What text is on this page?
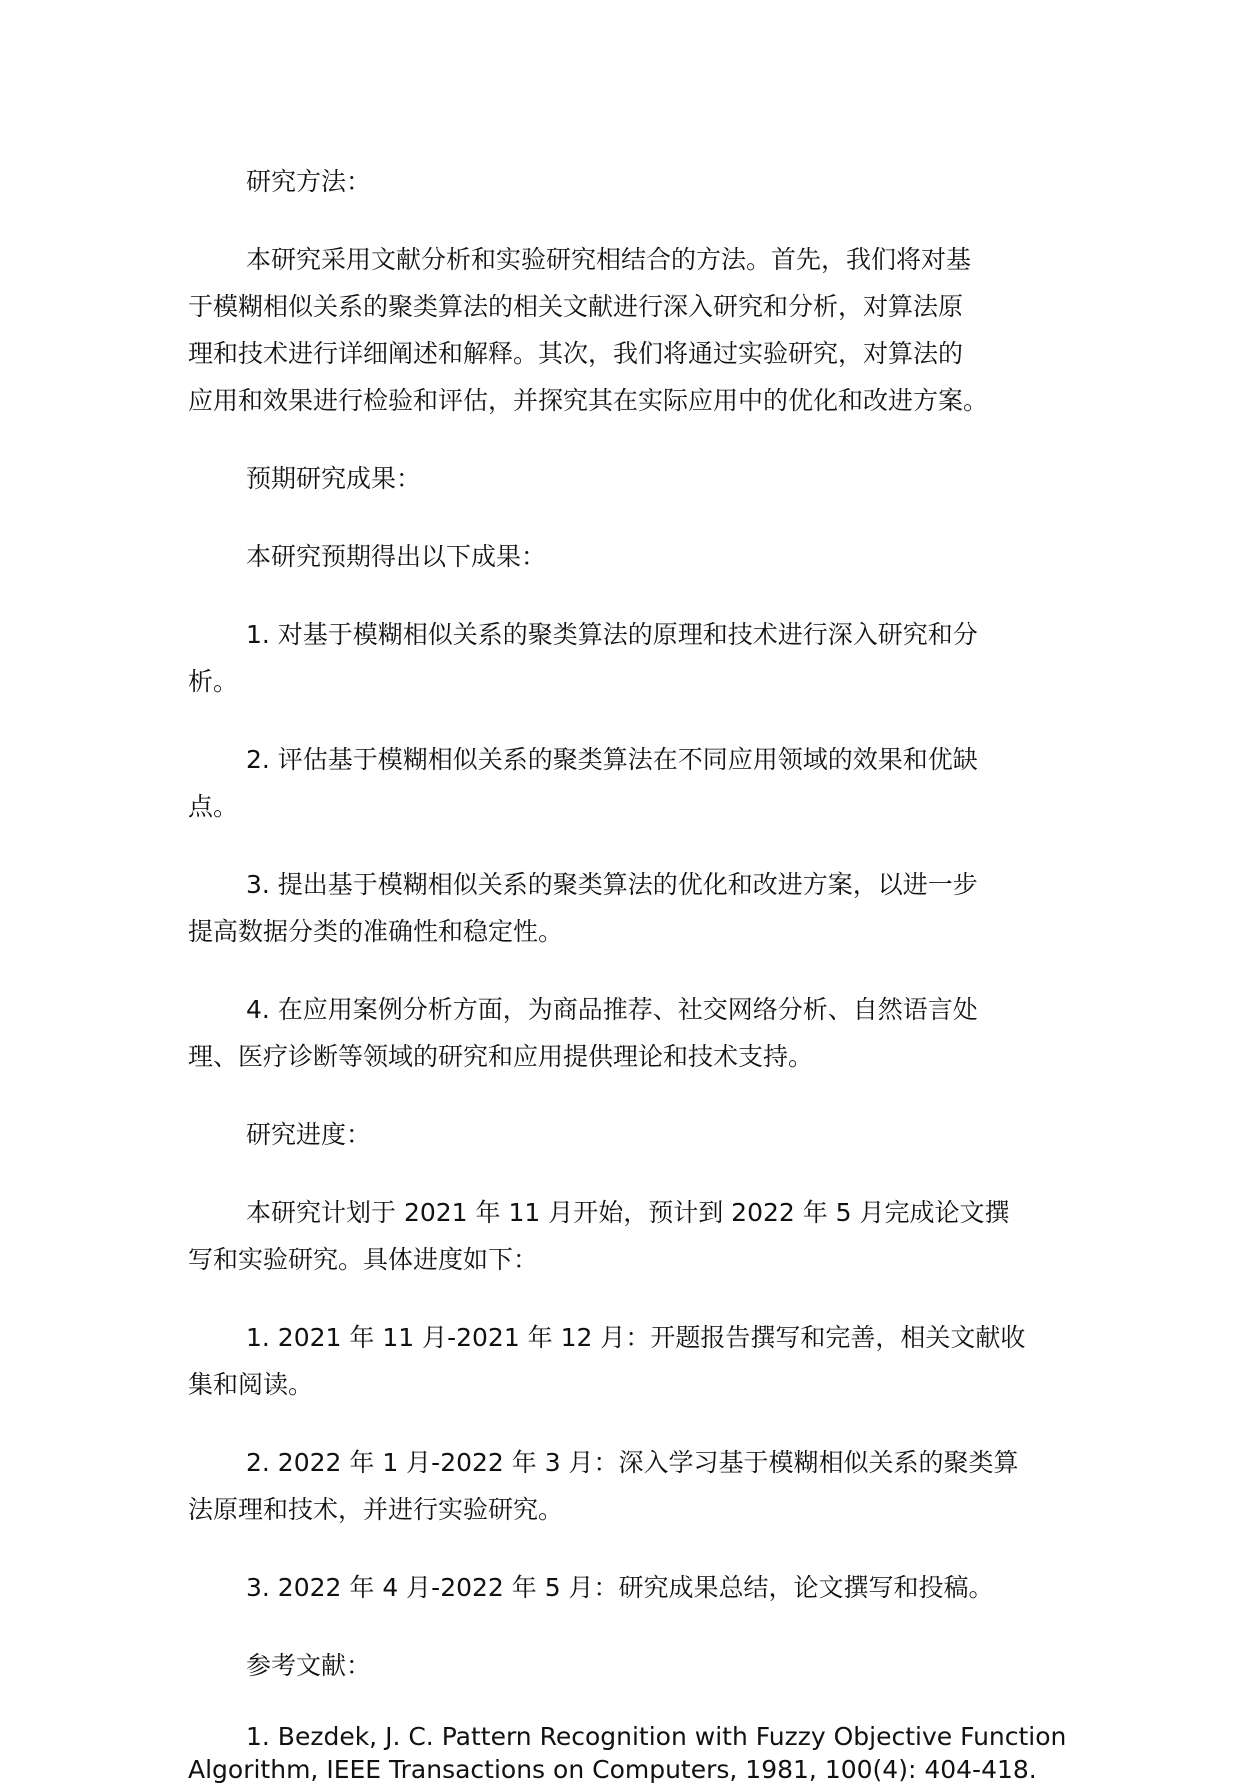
研究方法：

本研究采用文献分析和实验研究相结合的方法。首先，我们将对基
于模糊相似关系的聚类算法的相关文献进行深入研究和分析，对算法原
理和技术进行详细阐述和解释。其次，我们将通过实验研究，对算法的
应用和效果进行检验和评估，并探究其在实际应用中的优化和改进方案。

预期研究成果：

本研究预期得出以下成果：

1. 对基于模糊相似关系的聚类算法的原理和技术进行深入研究和分
析。
2. 评估基于模糊相似关系的聚类算法在不同应用领域的效果和优缺
点。
3. 提出基于模糊相似关系的聚类算法的优化和改进方案，以进一步
提高数据分类的准确性和稳定性。
4. 在应用案例分析方面，为商品推荐、社交网络分析、自然语言处
理、医疗诊断等领域的研究和应用提供理论和技术支持。

研究进度：

本研究计划于 2021 年 11 月开始，预计到 2022 年 5 月完成论文撰
写和实验研究。具体进度如下：
1. 2021 年 11 月-2021 年 12 月：开题报告撰写和完善，相关文献收
集和阅读。
2. 2022 年 1 月-2022 年 3 月：深入学习基于模糊相似关系的聚类算
法原理和技术，并进行实验研究。
3. 2022 年 4 月-2022 年 5 月：研究成果总结，论文撰写和投稿。

参考文献：

1. Bezdek, J. C. Pattern Recognition with Fuzzy Objective Function
Algorithm, IEEE Transactions on Computers, 1981, 100(4): 404-418.
